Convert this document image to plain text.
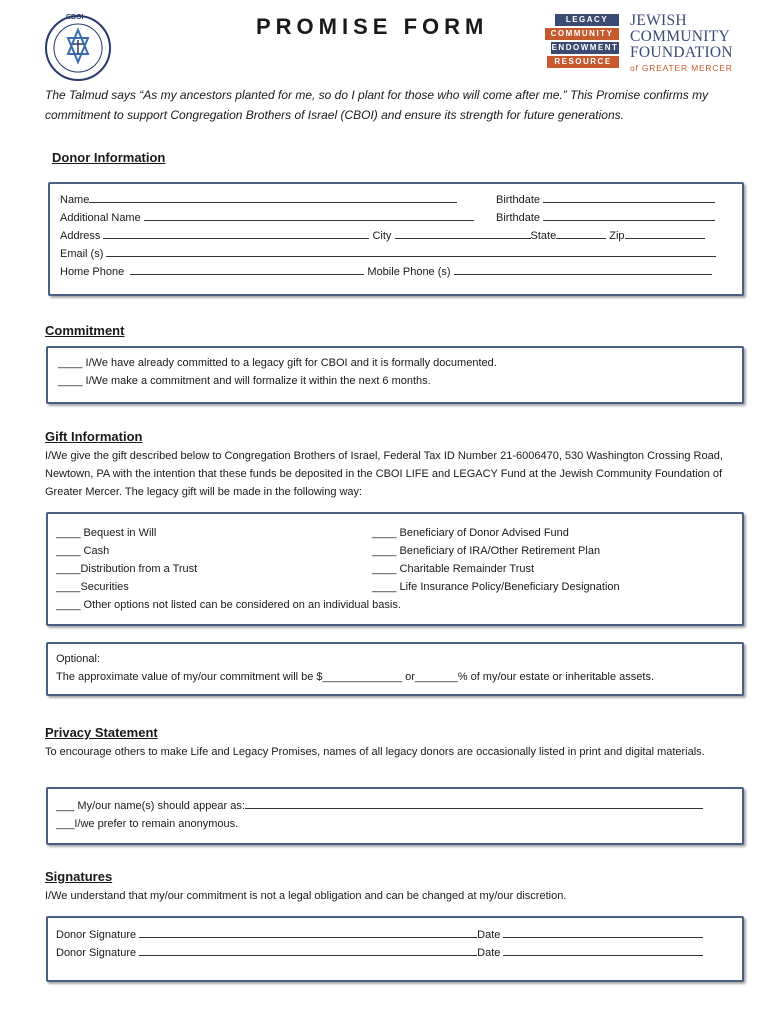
CBOI	PROMISE FORM	LEGACY
COMMUNITY
ENDOWMENT
RESOURCE
JEWISH
COMMUNITY
FOUNDATION
of GREATER MERCER
The Talmud says “As my ancestors planted for me, so do I plant for those who will come after me.” This Promise confirms my commitment to support Congregation Brothers of Israel (CBOI) and ensure its strength for future generations.
Donor Information
Name	Birthdate
Additional Name	Birthdate
Address	City	State	Zip
Email (s)
Home Phone	Mobile Phone (s)
Commitment
____ I/We have already committed to a legacy gift for CBOI and it is formally documented.
____ I/We make a commitment and will formalize it within the next 6 months.
Gift Information
I/We give the gift described below to Congregation Brothers of Israel, Federal Tax ID Number 21-6006470, 530 Washington Crossing Road, Newtown, PA with the intention that these funds be deposited in the CBOI LIFE and LEGACY Fund at the Jewish Community Foundation of Greater Mercer. The legacy gift will be made in the following way:
____ Bequest in Will
____ Cash
____Distribution from a Trust
____Securities
____ Beneficiary of Donor Advised Fund
____ Beneficiary of IRA/Other Retirement Plan
____ Charitable Remainder Trust
____ Life Insurance Policy/Beneficiary Designation
____ Other options not listed can be considered on an individual basis.
Optional:
The approximate value of my/our commitment will be $_____________ or_______% of my/our estate or inheritable assets.
Privacy Statement
To encourage others to make Life and Legacy Promises, names of all legacy donors are occasionally listed in print and digital materials.
___ My/our name(s) should appear as:
___I/we prefer to remain anonymous.
Signatures
I/We understand that my/our commitment is not a legal obligation and can be changed at my/our discretion.
Donor Signature	Date
Donor Signature	Date
